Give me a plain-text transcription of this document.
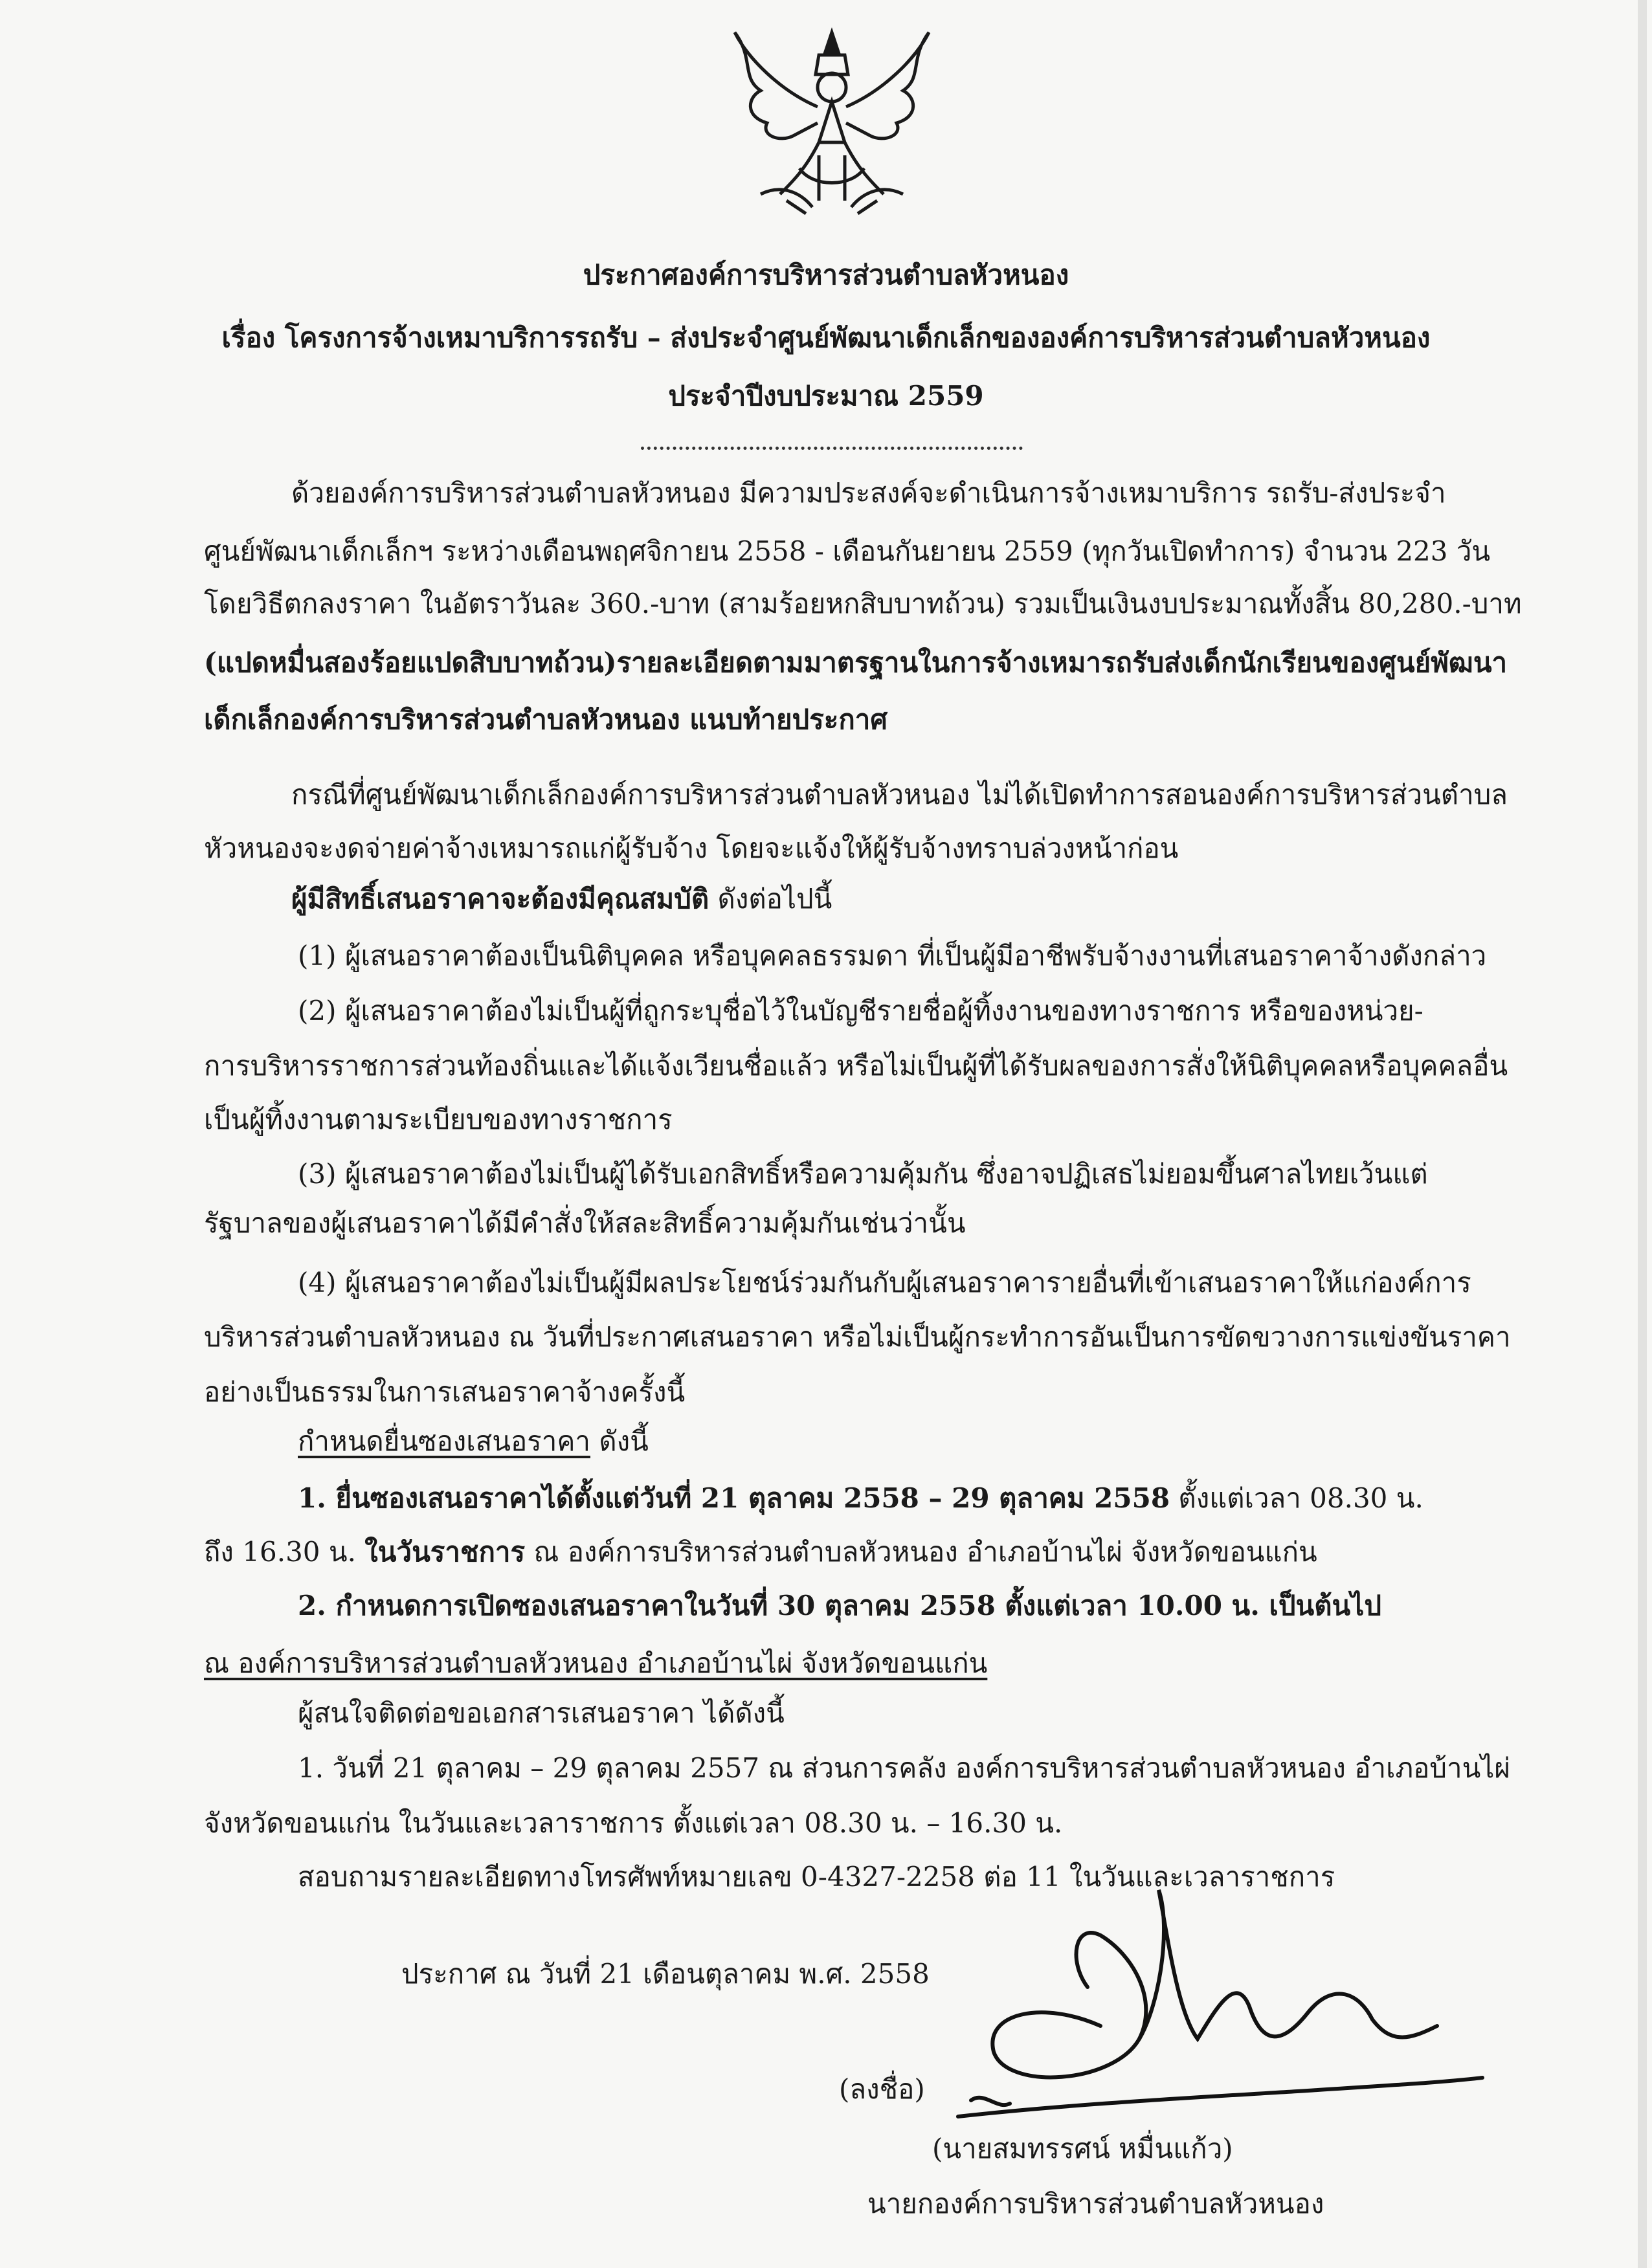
ประกาศองค์การบริหารส่วนตำบลหัวหนอง
เรื่อง โครงการจ้างเหมาบริการรถรับ – ส่งประจำศูนย์พัฒนาเด็กเล็กขององค์การบริหารส่วนตำบลหัวหนอง
ประจำปีงบประมาณ 2559
ด้วยองค์การบริหารส่วนตำบลหัวหนอง มีความประสงค์จะดำเนินการจ้างเหมาบริการ รถรับ-ส่งประจำ
ศูนย์พัฒนาเด็กเล็กฯ ระหว่างเดือนพฤศจิกายน 2558 - เดือนกันยายน 2559 (ทุกวันเปิดทำการ) จำนวน 223 วัน
โดยวิธีตกลงราคา ในอัตราวันละ 360.-บาท (สามร้อยหกสิบบาทถ้วน) รวมเป็นเงินงบประมาณทั้งสิ้น 80,280.-บาท
(แปดหมื่นสองร้อยแปดสิบบาทถ้วน)รายละเอียดตามมาตรฐานในการจ้างเหมารถรับส่งเด็กนักเรียนของศูนย์พัฒนา
เด็กเล็กองค์การบริหารส่วนตำบลหัวหนอง แนบท้ายประกาศ
กรณีที่ศูนย์พัฒนาเด็กเล็กองค์การบริหารส่วนตำบลหัวหนอง ไม่ได้เปิดทำการสอนองค์การบริหารส่วนตำบล
หัวหนองจะงดจ่ายค่าจ้างเหมารถแก่ผู้รับจ้าง โดยจะแจ้งให้ผู้รับจ้างทราบล่วงหน้าก่อน
ผู้มีสิทธิ์เสนอราคาจะต้องมีคุณสมบัติ ดังต่อไปนี้
(1) ผู้เสนอราคาต้องเป็นนิติบุคคล หรือบุคคลธรรมดา ที่เป็นผู้มีอาชีพรับจ้างงานที่เสนอราคาจ้างดังกล่าว
(2) ผู้เสนอราคาต้องไม่เป็นผู้ที่ถูกระบุชื่อไว้ในบัญชีรายชื่อผู้ทิ้งงานของทางราชการ หรือของหน่วย-
การบริหารราชการส่วนท้องถิ่นและได้แจ้งเวียนชื่อแล้ว หรือไม่เป็นผู้ที่ได้รับผลของการสั่งให้นิติบุคคลหรือบุคคลอื่น
เป็นผู้ทิ้งงานตามระเบียบของทางราชการ
(3) ผู้เสนอราคาต้องไม่เป็นผู้ได้รับเอกสิทธิ์หรือความคุ้มกัน ซึ่งอาจปฏิเสธไม่ยอมขึ้นศาลไทยเว้นแต่
รัฐบาลของผู้เสนอราคาได้มีคำสั่งให้สละสิทธิ์ความคุ้มกันเช่นว่านั้น
(4) ผู้เสนอราคาต้องไม่เป็นผู้มีผลประโยชน์ร่วมกันกับผู้เสนอราคารายอื่นที่เข้าเสนอราคาให้แก่องค์การ
บริหารส่วนตำบลหัวหนอง ณ วันที่ประกาศเสนอราคา หรือไม่เป็นผู้กระทำการอันเป็นการขัดขวางการแข่งขันราคา
อย่างเป็นธรรมในการเสนอราคาจ้างครั้งนี้
กำหนดยื่นซองเสนอราคา ดังนี้
1. ยื่นซองเสนอราคาได้ตั้งแต่วันที่ 21 ตุลาคม 2558 – 29 ตุลาคม 2558 ตั้งแต่เวลา 08.30 น.
ถึง 16.30 น. ในวันราชการ ณ องค์การบริหารส่วนตำบลหัวหนอง อำเภอบ้านไผ่ จังหวัดขอนแก่น
2. กำหนดการเปิดซองเสนอราคาในวันที่ 30 ตุลาคม 2558 ตั้งแต่เวลา 10.00 น. เป็นต้นไป
ณ องค์การบริหารส่วนตำบลหัวหนอง อำเภอบ้านไผ่ จังหวัดขอนแก่น
ผู้สนใจติดต่อขอเอกสารเสนอราคา ได้ดังนี้
1. วันที่ 21 ตุลาคม – 29 ตุลาคม 2557 ณ ส่วนการคลัง องค์การบริหารส่วนตำบลหัวหนอง อำเภอบ้านไผ่
จังหวัดขอนแก่น ในวันและเวลาราชการ ตั้งแต่เวลา 08.30 น. – 16.30 น.
สอบถามรายละเอียดทางโทรศัพท์หมายเลข 0-4327-2258 ต่อ 11 ในวันและเวลาราชการ
ประกาศ ณ วันที่ 21 เดือนตุลาคม พ.ศ. 2558
(ลงชื่อ)
(นายสมทรรศน์ หมื่นแก้ว)
นายกองค์การบริหารส่วนตำบลหัวหนอง
